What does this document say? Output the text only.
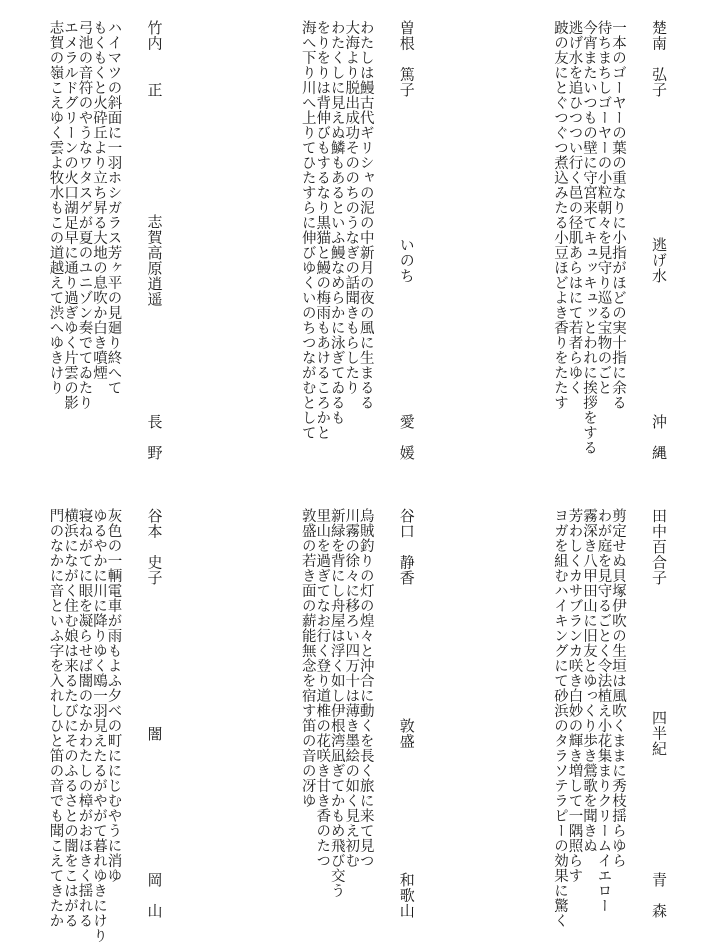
楚南　弘子
逃げ水
沖　縄
一本のゴーヤーの葉の重なりに小指がほどの実十指に余る
待ちまちしゴーヤーの小粒朝々を見守り巡る宝物のごと
今宵またいつもの壁に守宮来てキュッキュッとわれに挨拶をする
逃げ水を追ひつつい行く邑の径肌あらはにて若者らゆく
跛の友にとぐつぐつ煮込みたる小豆ほどよき香りをたたす
曽根　篤子
いのち
愛　媛
わたしは鰻古代ギリシャの泥の中新月の夜の風に生まるる
大海より脱出成功そののちのうなぎの話聞きもらしたり
わたくしに見えぬ鱗もあるといふ鰻なめらかに泳ぎてゐるも
をりをりは背伸びもするなり黒猫と鰻の梅雨もあけるころかと
海へ下り川へ上りてひたすらに伸びゆくいのちつながむとして
竹内　　正
志賀高原逍遥
長　野
ハイマツの斜面に一羽ホシガラス芳ヶ平の見廻り終へて
もくもくと火砕丘より立ち昇る大地の息吹か白き噴煙
弓池の音符のやうなワタスゲが夏のユニゾン奏でてゐたり
エメラルドグリーンの火口湖足早に通り過ぎゆく片雲の影
志賀の嶺こえゆく雲よ牧水もこの道越えて渋へゆきけり
田中百合子
四半紀
青　森
剪定せぬ貝塚伊吹の生垣は風吹くままに秀枝揺らゆら
わが庭を見守るごとく令法植え小花集まりクリームイエロー
霧深き八甲田山に旧友とゆっくり歩き鶯歌を聞きぬ
芳わしくカサブランカ咲き白妙の輝き増して一隅照らす
ヨガを組むハイキングにて砂浜のタラソテラピーの効果に驚く
谷口　静香
敦盛
和歌山
烏賊釣りの灯の煌々と沖合に動くを長く旅に来て見つ
川霧の徐々に移ろい四万十は薄き墨絵の如く見え初む
新緑を背にし舟屋は浮く如し伊根湾凪ぎてかもめ飛び交う
里山を過ぎてなお行く登り道椎の花咲き甘き香のたつ
敦盛の若き面の薪能無念を宿す笛の音の冴ゆ
谷本　史子
闇
岡　山
灰色の一輌電車が雨もよふ夕べの町ににじむやうに消ゆ
ゆるやかに川に降りゆく鴎一羽見えたるがやがて暮れゆきにけり
寝ねがてに眼を凝らせば闇のなかわたしの樟がおほきく揺れる
横浜にながく住む娘は来るたびにそのふるさとの闇をこはがる
門のなかに音といふ字を入れしひと笛の音でも聞こえてきたか
